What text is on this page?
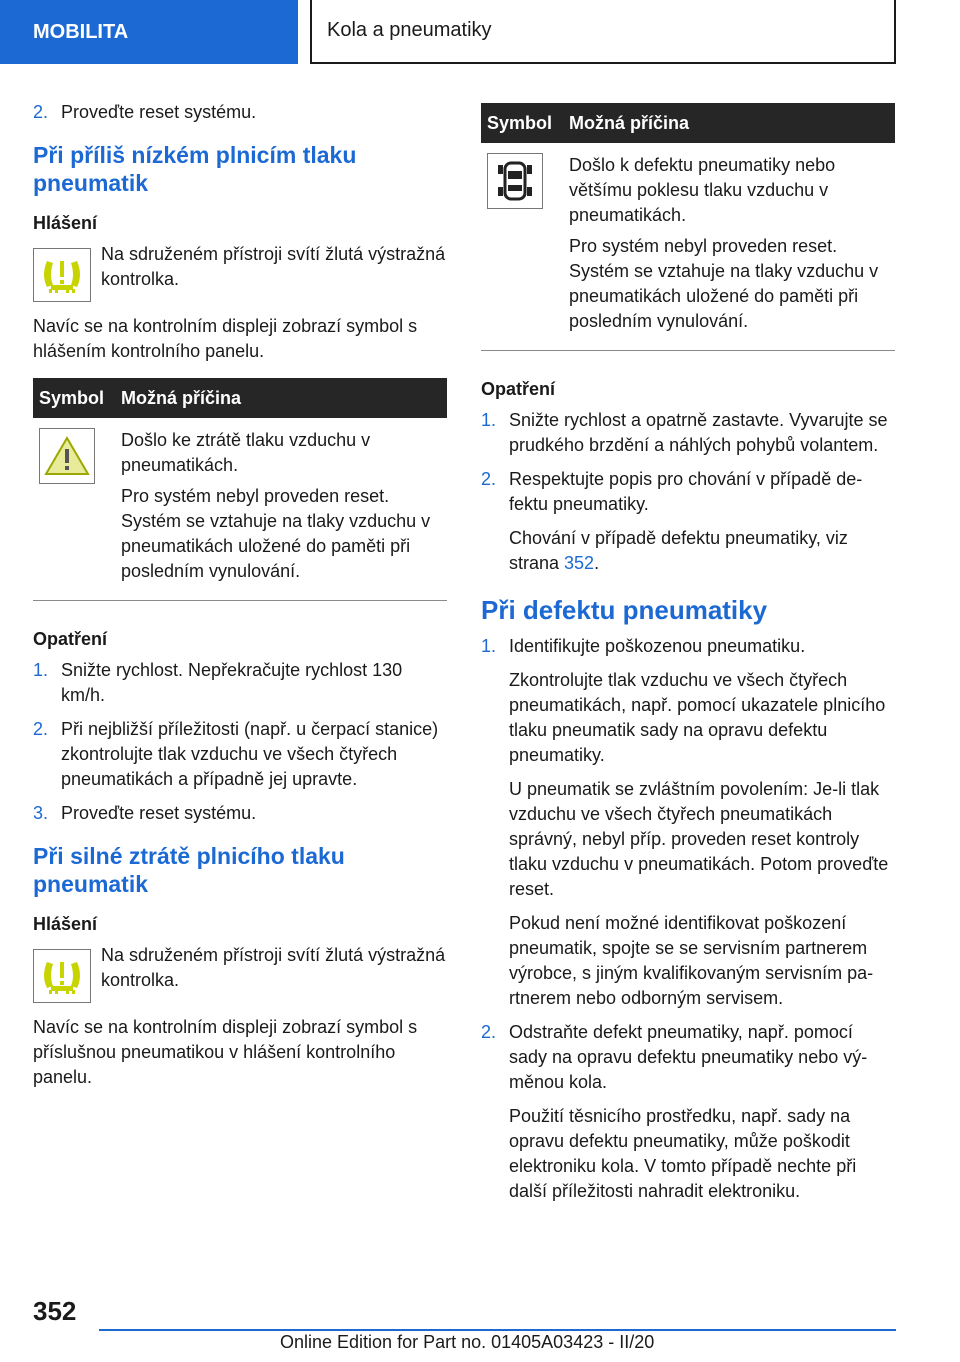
MOBILITA	Kola a pneumatiky
2. Proveďte reset systému.
Při příliš nízkém plnicím tlaku pneumatik
Hlášení
Na sdruženém přístroji svítí žlutá výstražná kontrolka.

Navíc se na kontrolním displeji zobrazí symbol s hlášením kontrolního panelu.

Symbol	Možná příčina

Došlo ke ztrátě tlaku vzduchu v pneumatikách.
Pro systém nebyl proveden reset. Systém se vztahuje na tlaky vzduchu v pneumatikách uložené do paměti při posledním vynulování.
Opatření
1. Snižte rychlost. Nepřekračujte rychlost 130 km/h.
2. Při nejbližší příležitosti (např. u čerpací stanice) zkontrolujte tlak vzduchu ve všech čtyřech pneumatikách a případně jej upravte.
3. Proveďte reset systému.
Při silné ztrátě plnicího tlaku pneumatik
Hlášení
Na sdruženém přístroji svítí žlutá výstražná kontrolka.

Navíc se na kontrolním displeji zobrazí symbol s příslušnou pneumatikou v hlášení kontrolního panelu.

Symbol	Možná příčina

Došlo k defektu pneumatiky nebo většímu poklesu tlaku vzduchu v pneumatikách.
Pro systém nebyl proveden reset. Systém se vztahuje na tlaky vzduchu v pneumatikách uložené do paměti při posledním vynulování.
Opatření
1. Snižte rychlost a opatrně zastavte. Vyvarujte se prudkého brzdění a náhlých pohybů volantem.
2. Respektujte popis pro chování v případě defektu pneumatiky.
Chování v případě defektu pneumatiky, viz strana 352.
Při defektu pneumatiky
1. Identifikujte poškozenou pneumatiku.
Zkontrolujte tlak vzduchu ve všech čtyřech pneumatikách, např. pomocí ukazatele plnicího tlaku pneumatik sady na opravu defektu pneumatiky.
U pneumatik se zvláštním povolením: Je-li tlak vzduchu ve všech čtyřech pneumatikách správný, nebyl příp. proveden reset kontroly tlaku vzduchu v pneumatikách. Potom proveďte reset.
Pokud není možné identifikovat poškození pneumatik, spojte se se servisním partnerem výrobce, s jiným kvalifikovaným servisním partnerem nebo odborným servisem.
2. Odstraňte defekt pneumatiky, např. pomocí sady na opravu defektu pneumatiky nebo výměnou kola.
Použití těsnicího prostředku, např. sady na opravu defektu pneumatiky, může poškodit elektroniku kola. V tomto případě nechte při další příležitosti nahradit elektroniku.
352
Online Edition for Part no. 01405A03423 - II/20
